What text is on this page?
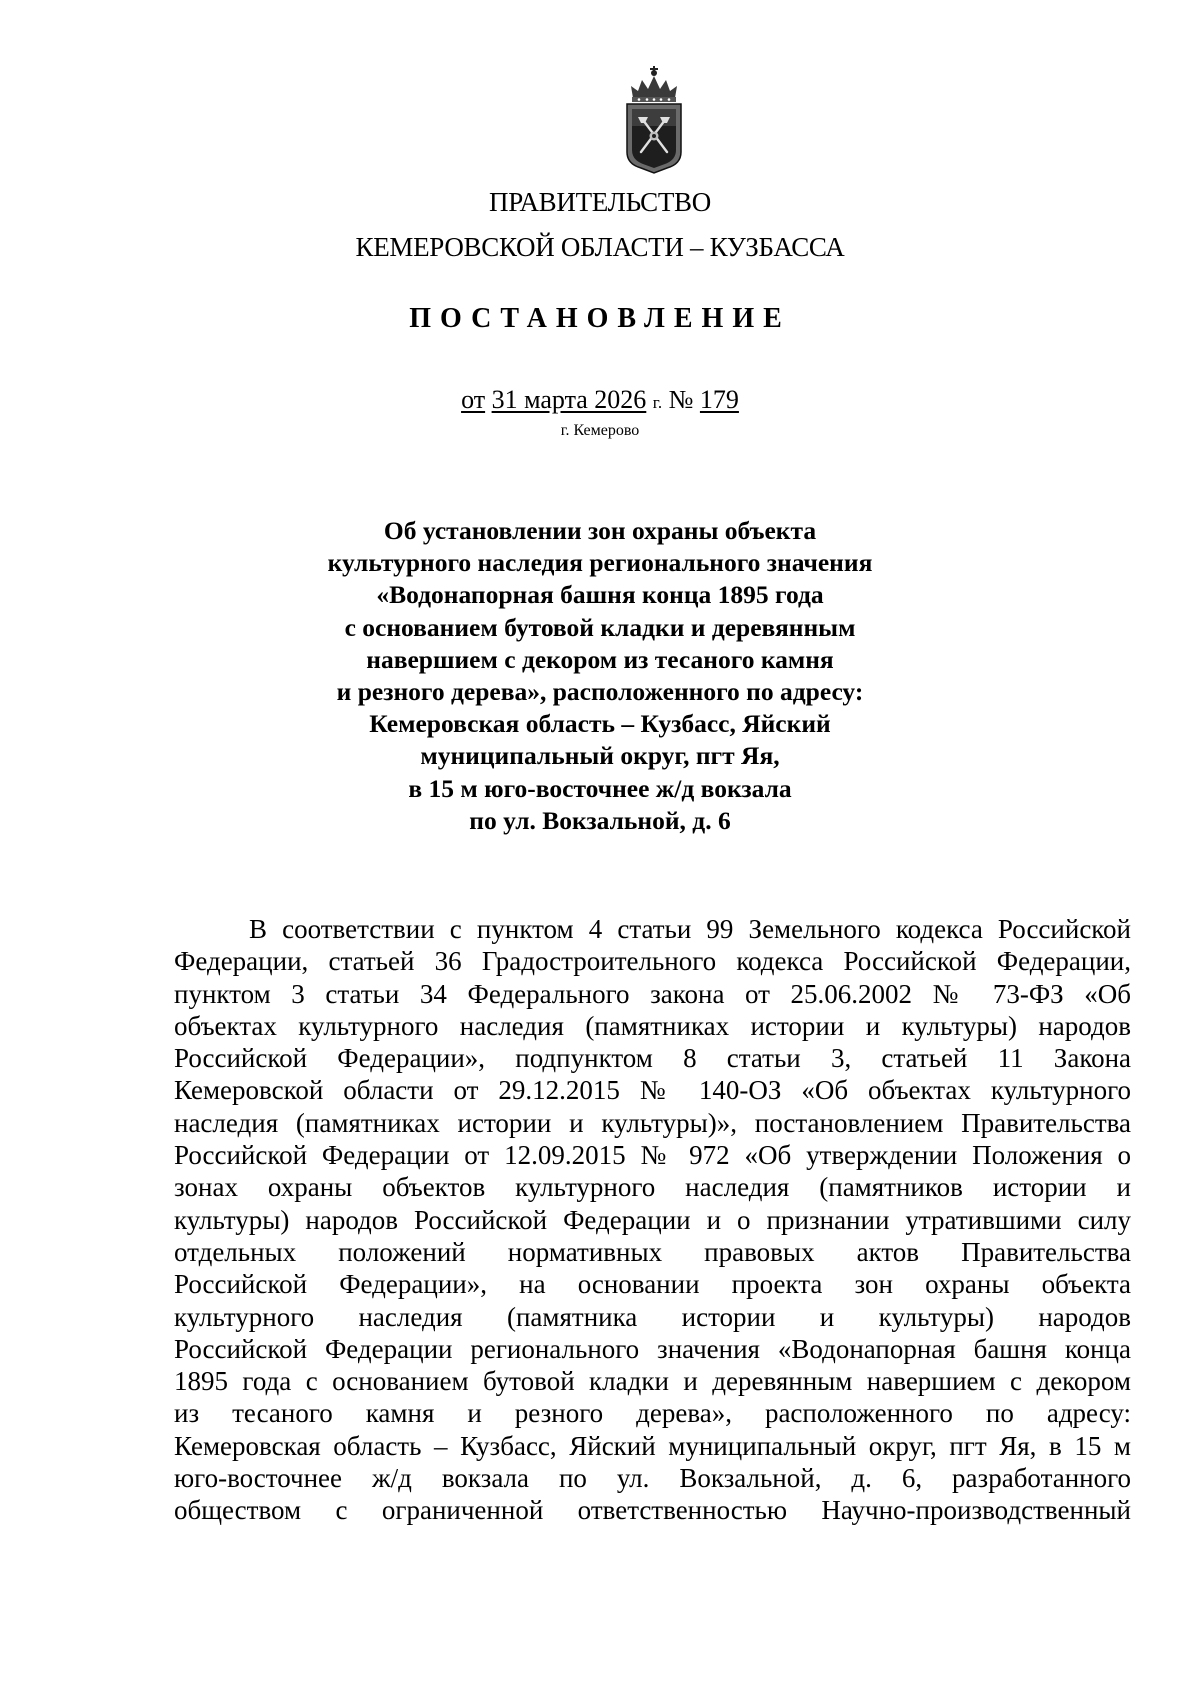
ПРАВИТЕЛЬСТВО
КЕМЕРОВСКОЙ ОБЛАСТИ – КУЗБАССА
ПОСТАНОВЛЕНИЕ
от 31 марта 2026 г. № 179
г. Кемерово
Об установлении зон охраны объекта
культурного наследия регионального значения
«Водонапорная башня конца 1895 года
с основанием бутовой кладки и деревянным
навершием с декором из тесаного камня
и резного дерева», расположенного по адресу:
Кемеровская область – Кузбасс, Яйский
муниципальный округ, пгт Яя,
в 15 м юго-восточнее ж/д вокзала
по ул. Вокзальной, д. 6
В соответствии с пунктом 4 статьи 99 Земельного кодекса Российской
Федерации, статьей 36 Градостроительного кодекса Российской Федерации,
пунктом 3 статьи 34 Федерального закона от 25.06.2002 № 73-ФЗ «Об
объектах культурного наследия (памятниках истории и культуры) народов
Российской Федерации», подпунктом 8 статьи 3, статьей 11 Закона
Кемеровской области от 29.12.2015 № 140-ОЗ «Об объектах культурного
наследия (памятниках истории и культуры)», постановлением Правительства
Российской Федерации от 12.09.2015 № 972 «Об утверждении Положения о
зонах охраны объектов культурного наследия (памятников истории и
культуры) народов Российской Федерации и о признании утратившими силу
отдельных положений нормативных правовых актов Правительства
Российской Федерации», на основании проекта зон охраны объекта
культурного наследия (памятника истории и культуры) народов
Российской Федерации регионального значения «Водонапорная башня конца
1895 года с основанием бутовой кладки и деревянным навершием с декором
из тесаного камня и резного дерева», расположенного по адресу:
Кемеровская область – Кузбасс, Яйский муниципальный округ, пгт Яя, в 15 м
юго-восточнее ж/д вокзала по ул. Вокзальной, д. 6, разработанного
обществом с ограниченной ответственностью Научно-производственный
